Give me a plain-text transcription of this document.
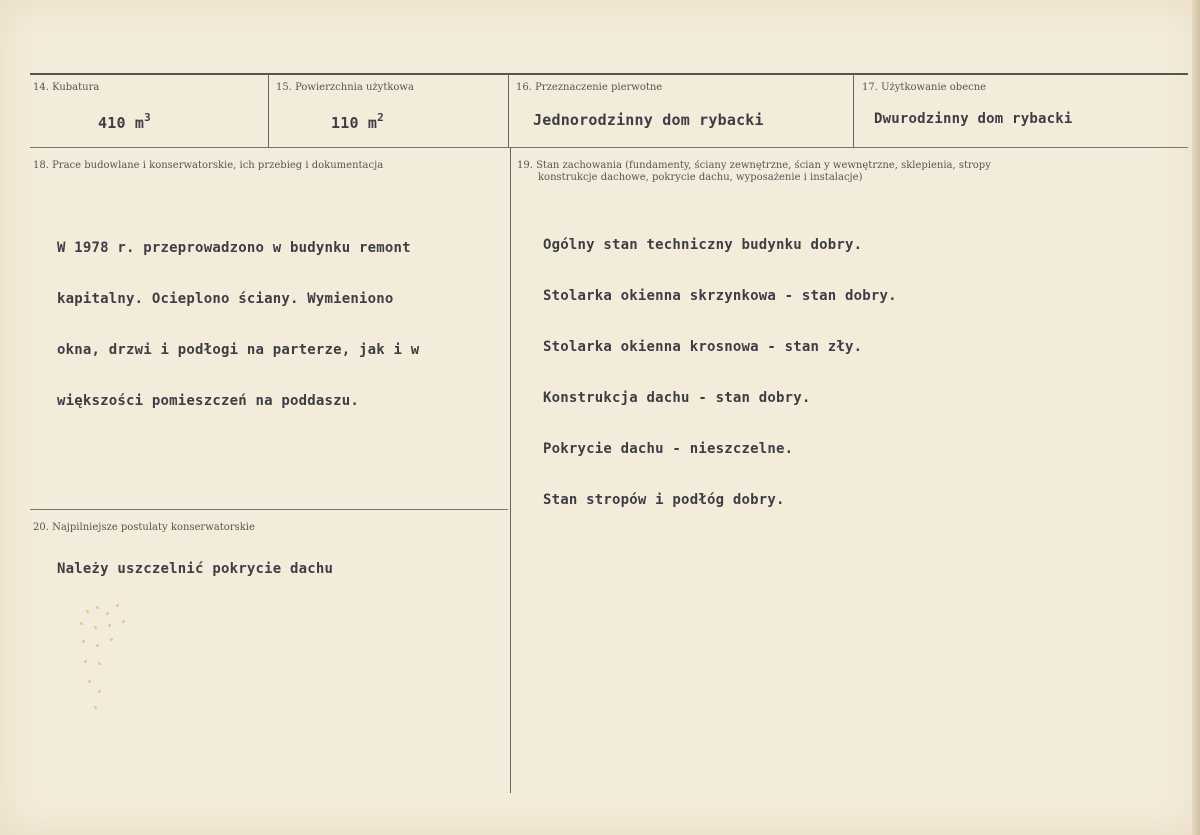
14. Kubatura
410 $m^3$
15. Powierzchnia użytkowa
110 $m^2$
16. Przeznaczenie pierwotne
Jednorodzinny dom rybacki
17. Użytkowanie obecne
Dwurodzinny dom rybacki
18. Prace budowlane i konserwatorskie, ich przebieg i dokumentacja

W 1978 r. przeprowadzono w budynku remont

kapitalny. Ocieplono ściany. Wymieniono

okna, drzwi i podłogi na parterze, jak i w

większości pomieszczeń na poddaszu.

19. Stan zachowania (fundamenty, ściany zewnętrzne, ścian y wewnętrzne, sklepienia, stropy
konstrukcje dachowe, pokrycie dachu, wyposażenie i instalacje)

Ogólny stan techniczny budynku dobry.

Stolarka okienna skrzynkowa - stan dobry.

Stolarka okienna krosnowa - stan zły.

Konstrukcja dachu - stan dobry.

Pokrycie dachu - nieszczelne.

Stan stropów i podłóg dobry.

20. Najpilniejsze postulaty konserwatorskie
Należy uszczelnić pokrycie dachu
